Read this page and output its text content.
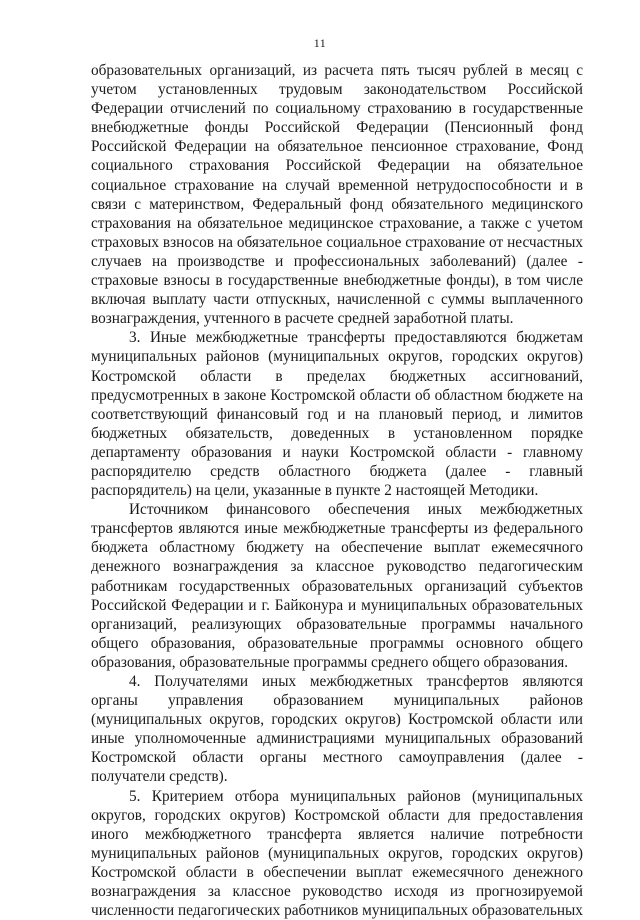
11

образовательных организаций, из расчета пять тысяч рублей в месяц с учетом установленных трудовым законодательством Российской Федерации отчислений по социальному страхованию в государственные внебюджетные фонды Российской Федерации (Пенсионный фонд Российской Федерации на обязательное пенсионное страхование, Фонд социального страхования Российской Федерации на обязательное социальное страхование на случай временной нетрудоспособности и в связи с материнством, Федеральный фонд обязательного медицинского страхования на обязательное медицинское страхование, а также с учетом страховых взносов на обязательное социальное страхование от несчастных случаев на производстве и профессиональных заболеваний) (далее - страховые взносы в государственные внебюджетные фонды), в том числе включая выплату части отпускных, начисленной с суммы выплаченного вознаграждения, учтенного в расчете средней заработной платы.

3. Иные межбюджетные трансферты предоставляются бюджетам муниципальных районов (муниципальных округов, городских округов) Костромской области в пределах бюджетных ассигнований, предусмотренных в законе Костромской области об областном бюджете на соответствующий финансовый год и на плановый период, и лимитов бюджетных обязательств, доведенных в установленном порядке департаменту образования и науки Костромской области - главному распорядителю средств областного бюджета (далее - главный распорядитель) на цели, указанные в пункте 2 настоящей Методики.

Источником финансового обеспечения иных межбюджетных трансфертов являются иные межбюджетные трансферты из федерального бюджета областному бюджету на обеспечение выплат ежемесячного денежного вознаграждения за классное руководство педагогическим работникам государственных образовательных организаций субъектов Российской Федерации и г. Байконура и муниципальных образовательных организаций, реализующих образовательные программы начального общего образования, образовательные программы основного общего образования, образовательные программы среднего общего образования.

4. Получателями иных межбюджетных трансфертов являются органы управления образованием муниципальных районов (муниципальных округов, городских округов) Костромской области или иные уполномоченные администрациями муниципальных образований Костромской области органы местного самоуправления (далее - получатели средств).

5. Критерием отбора муниципальных районов (муниципальных округов, городских округов) Костромской области для предоставления иного межбюджетного трансферта является наличие потребности муниципальных районов (муниципальных округов, городских округов) Костромской области в обеспечении выплат ежемесячного денежного вознаграждения за классное руководство исходя из прогнозируемой численности педагогических работников муниципальных образовательных
